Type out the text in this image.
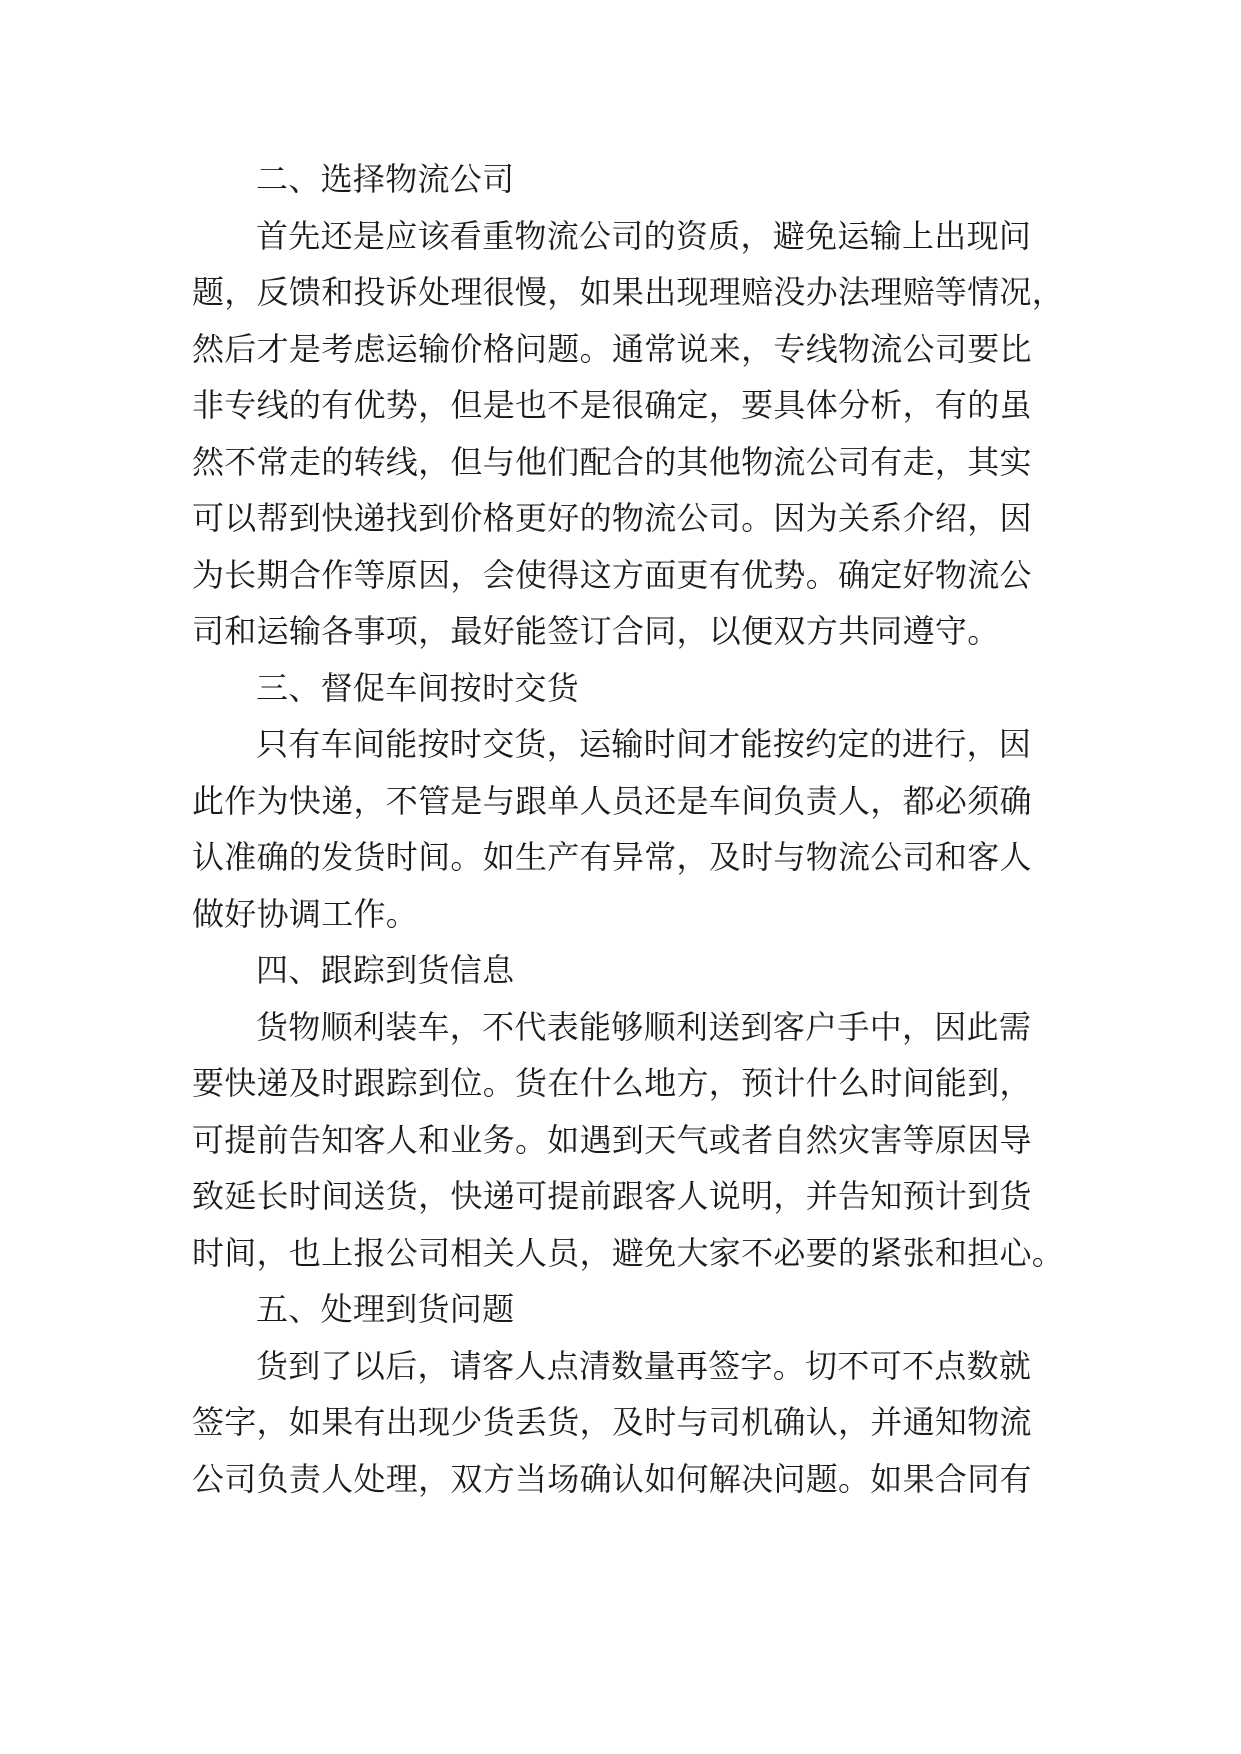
二、选择物流公司
首先还是应该看重物流公司的资质，避免运输上出现问
题，反馈和投诉处理很慢，如果出现理赔没办法理赔等情况，
然后才是考虑运输价格问题。通常说来，专线物流公司要比
非专线的有优势，但是也不是很确定，要具体分析，有的虽
然不常走的转线，但与他们配合的其他物流公司有走，其实
可以帮到快递找到价格更好的物流公司。因为关系介绍，因
为长期合作等原因，会使得这方面更有优势。确定好物流公
司和运输各事项，最好能签订合同，以便双方共同遵守。
三、督促车间按时交货
只有车间能按时交货，运输时间才能按约定的进行，因
此作为快递，不管是与跟单人员还是车间负责人，都必须确
认准确的发货时间。如生产有异常，及时与物流公司和客人
做好协调工作。
四、跟踪到货信息
货物顺利装车，不代表能够顺利送到客户手中，因此需
要快递及时跟踪到位。货在什么地方，预计什么时间能到，
可提前告知客人和业务。如遇到天气或者自然灾害等原因导
致延长时间送货，快递可提前跟客人说明，并告知预计到货
时间，也上报公司相关人员，避免大家不必要的紧张和担心。
五、处理到货问题
货到了以后，请客人点清数量再签字。切不可不点数就
签字，如果有出现少货丢货，及时与司机确认，并通知物流
公司负责人处理，双方当场确认如何解决问题。如果合同有
